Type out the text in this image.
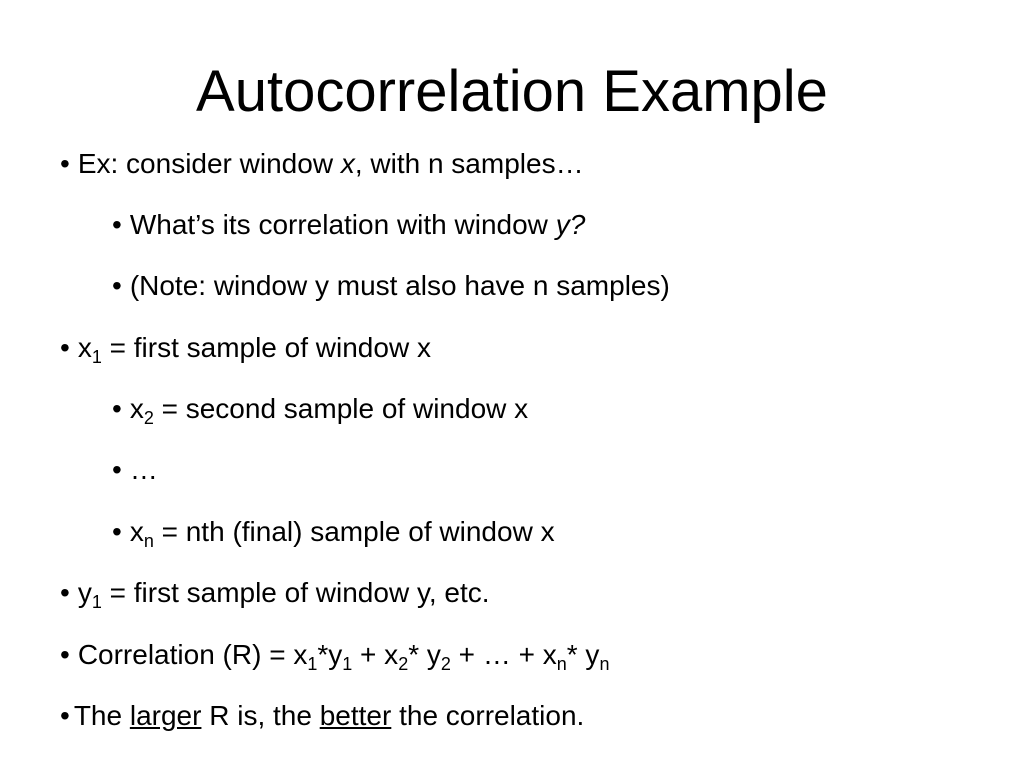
Autocorrelation Example
• Ex: consider window x, with n samples…
• What’s its correlation with window y?
• (Note: window y must also have n samples)
• $x_1$ = first sample of window x
• $x_2$ = second sample of window x
• …
• $x_n$ = nth (final) sample of window x
• $y_1$ = first sample of window y, etc.
• Correlation $(R) = x_1*y_1 + x_2*$ $y_2$ + … + $x_n*$ $y_n$
• The larger R is, the better the correlation.
